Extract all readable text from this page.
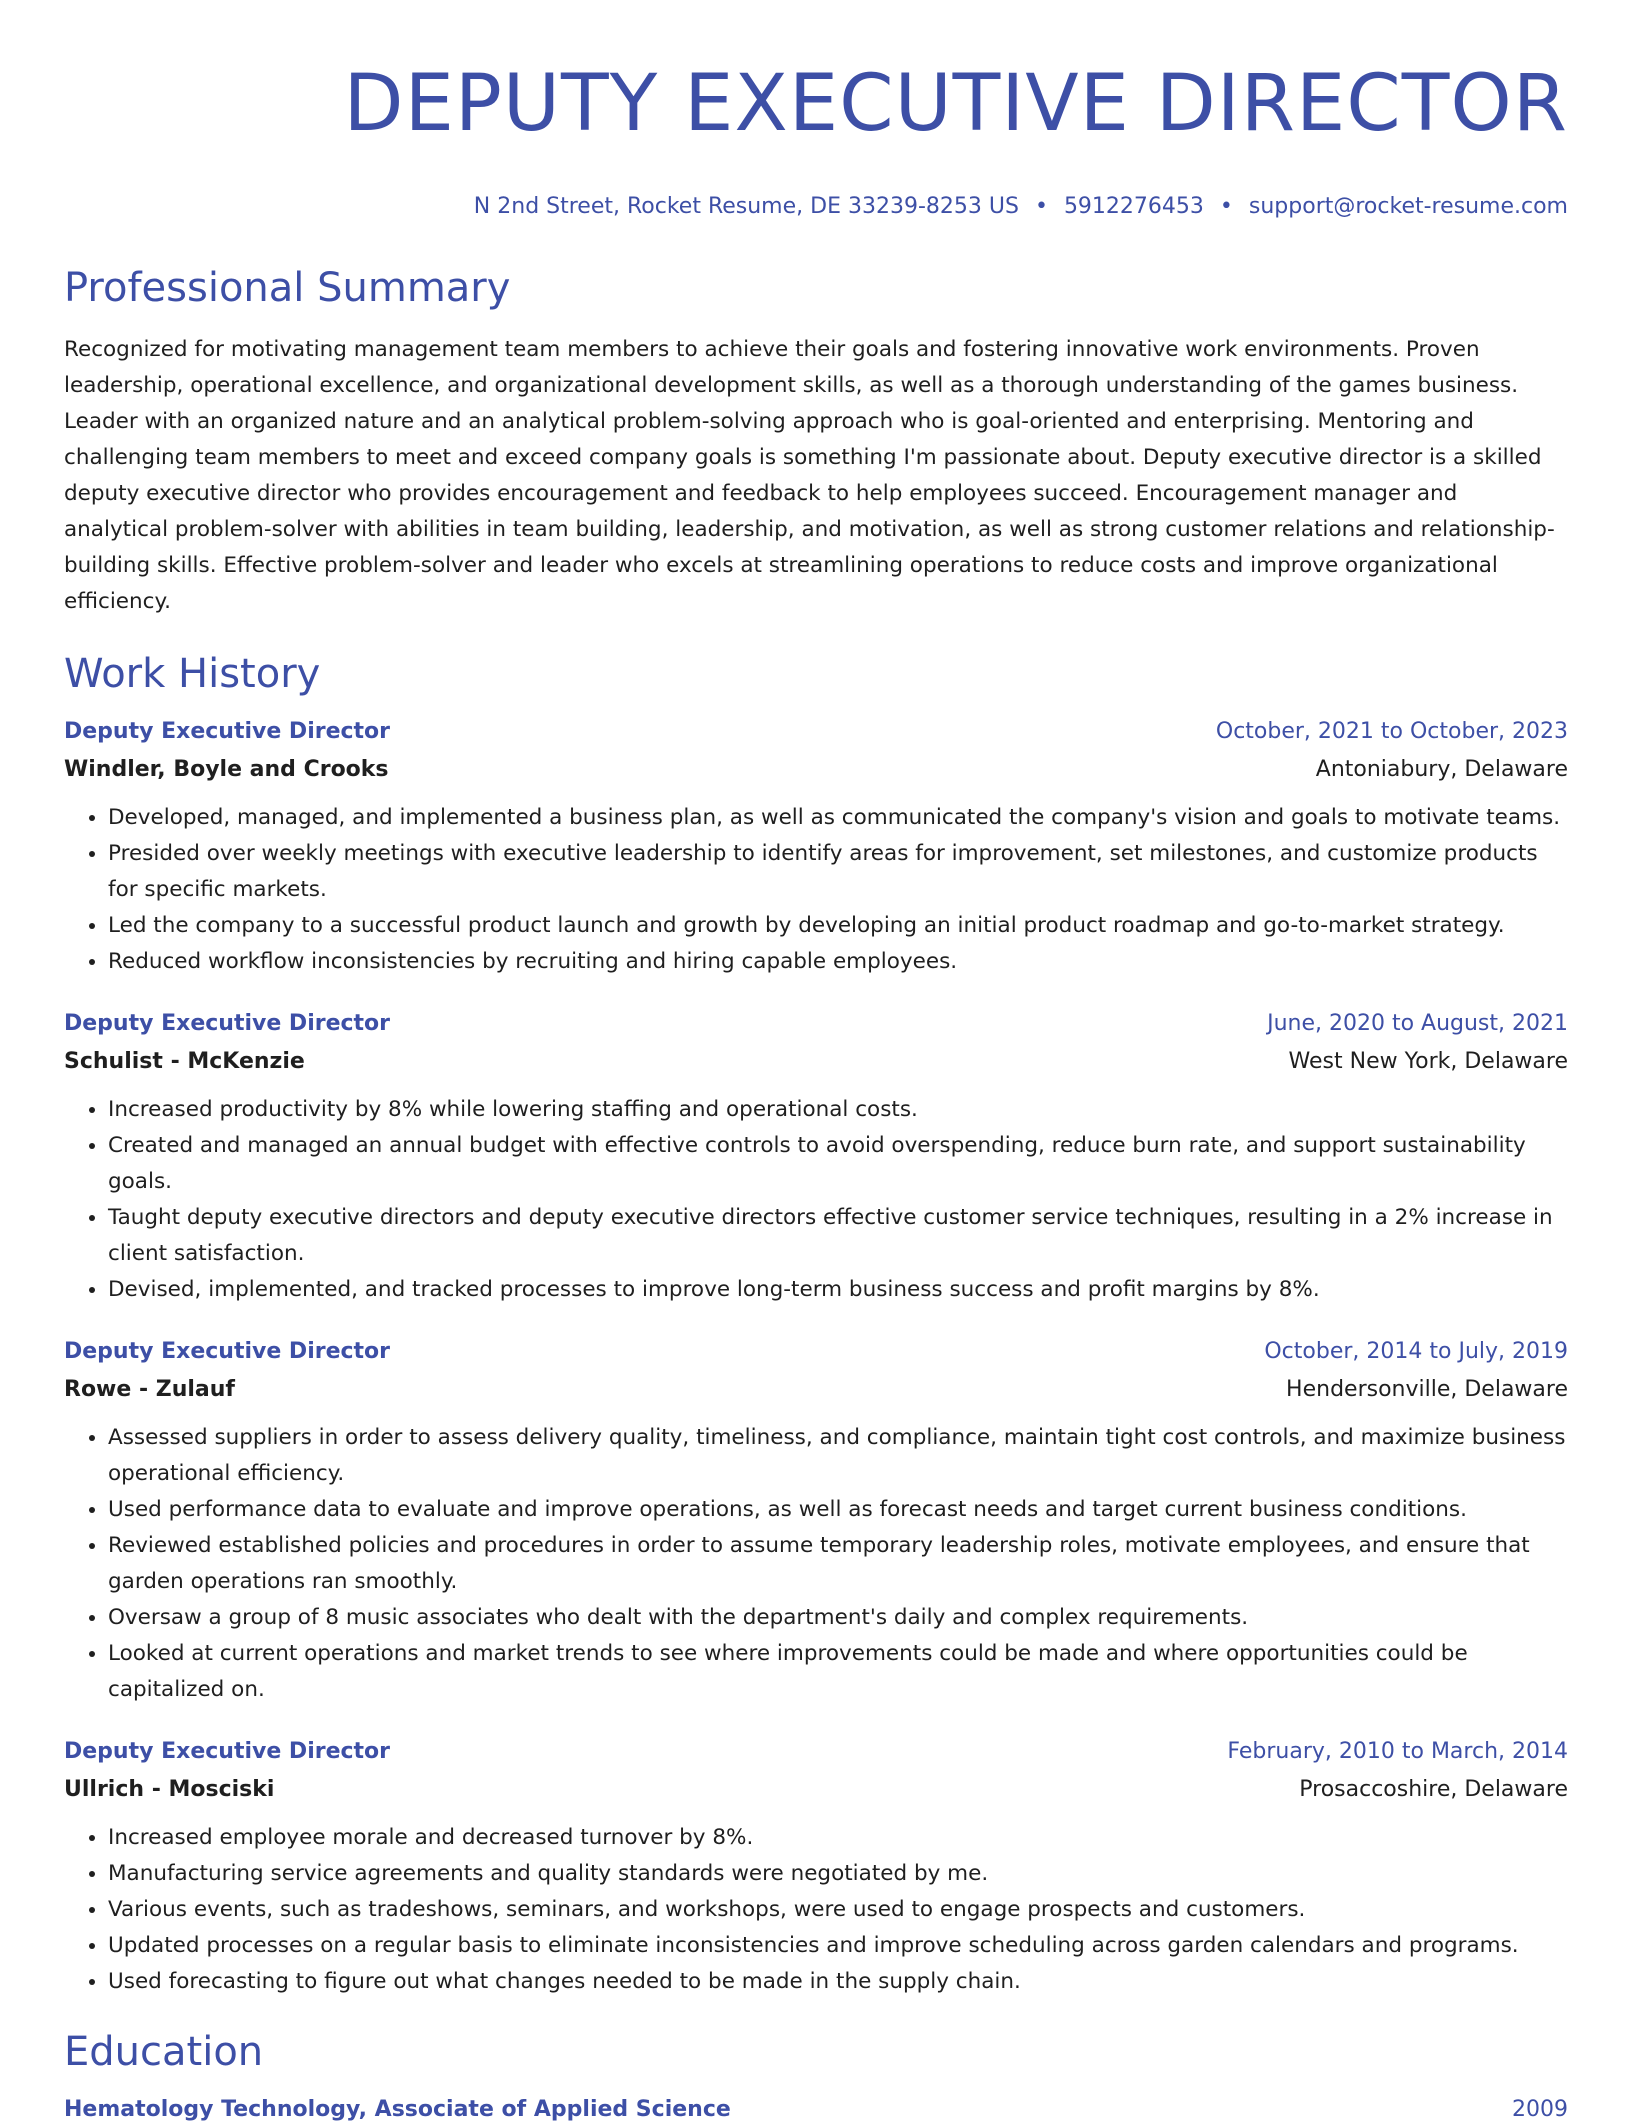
DEPUTY EXECUTIVE DIRECTOR
N 2nd Street, Rocket Resume, DE 33239-8253 US • 5912276453 • support@rocket-resume.com
Professional Summary
Recognized for motivating management team members to achieve their goals and fostering innovative work environments. Proven leadership, operational excellence, and organizational development skills, as well as a thorough understanding of the games business. Leader with an organized nature and an analytical problem-solving approach who is goal-oriented and enterprising. Mentoring and challenging team members to meet and exceed company goals is something I'm passionate about. Deputy executive director is a skilled deputy executive director who provides encouragement and feedback to help employees succeed. Encouragement manager and analytical problem-solver with abilities in team building, leadership, and motivation, as well as strong customer relations and relationship-building skills. Effective problem-solver and leader who excels at streamlining operations to reduce costs and improve organizational efficiency.
Work History
Deputy Executive Director	October, 2021 to October, 2023
Windler, Boyle and Crooks	Antoniabury, Delaware
• Developed, managed, and implemented a business plan, as well as communicated the company's vision and goals to motivate teams.
• Presided over weekly meetings with executive leadership to identify areas for improvement, set milestones, and customize products for specific markets.
• Led the company to a successful product launch and growth by developing an initial product roadmap and go-to-market strategy.
• Reduced workflow inconsistencies by recruiting and hiring capable employees.
Deputy Executive Director	June, 2020 to August, 2021
Schulist - McKenzie	West New York, Delaware
• Increased productivity by 8% while lowering staffing and operational costs.
• Created and managed an annual budget with effective controls to avoid overspending, reduce burn rate, and support sustainability goals.
• Taught deputy executive directors and deputy executive directors effective customer service techniques, resulting in a 2% increase in client satisfaction.
• Devised, implemented, and tracked processes to improve long-term business success and profit margins by 8%.
Deputy Executive Director	October, 2014 to July, 2019
Rowe - Zulauf	Hendersonville, Delaware
• Assessed suppliers in order to assess delivery quality, timeliness, and compliance, maintain tight cost controls, and maximize business operational efficiency.
• Used performance data to evaluate and improve operations, as well as forecast needs and target current business conditions.
• Reviewed established policies and procedures in order to assume temporary leadership roles, motivate employees, and ensure that garden operations ran smoothly.
• Oversaw a group of 8 music associates who dealt with the department's daily and complex requirements.
• Looked at current operations and market trends to see where improvements could be made and where opportunities could be capitalized on.
Deputy Executive Director	February, 2010 to March, 2014
Ullrich - Mosciski	Prosaccoshire, Delaware
• Increased employee morale and decreased turnover by 8%.
• Manufacturing service agreements and quality standards were negotiated by me.
• Various events, such as tradeshows, seminars, and workshops, were used to engage prospects and customers.
• Updated processes on a regular basis to eliminate inconsistencies and improve scheduling across garden calendars and programs.
• Used forecasting to figure out what changes needed to be made in the supply chain.
Education
Hematology Technology, Associate of Applied Science	2009
